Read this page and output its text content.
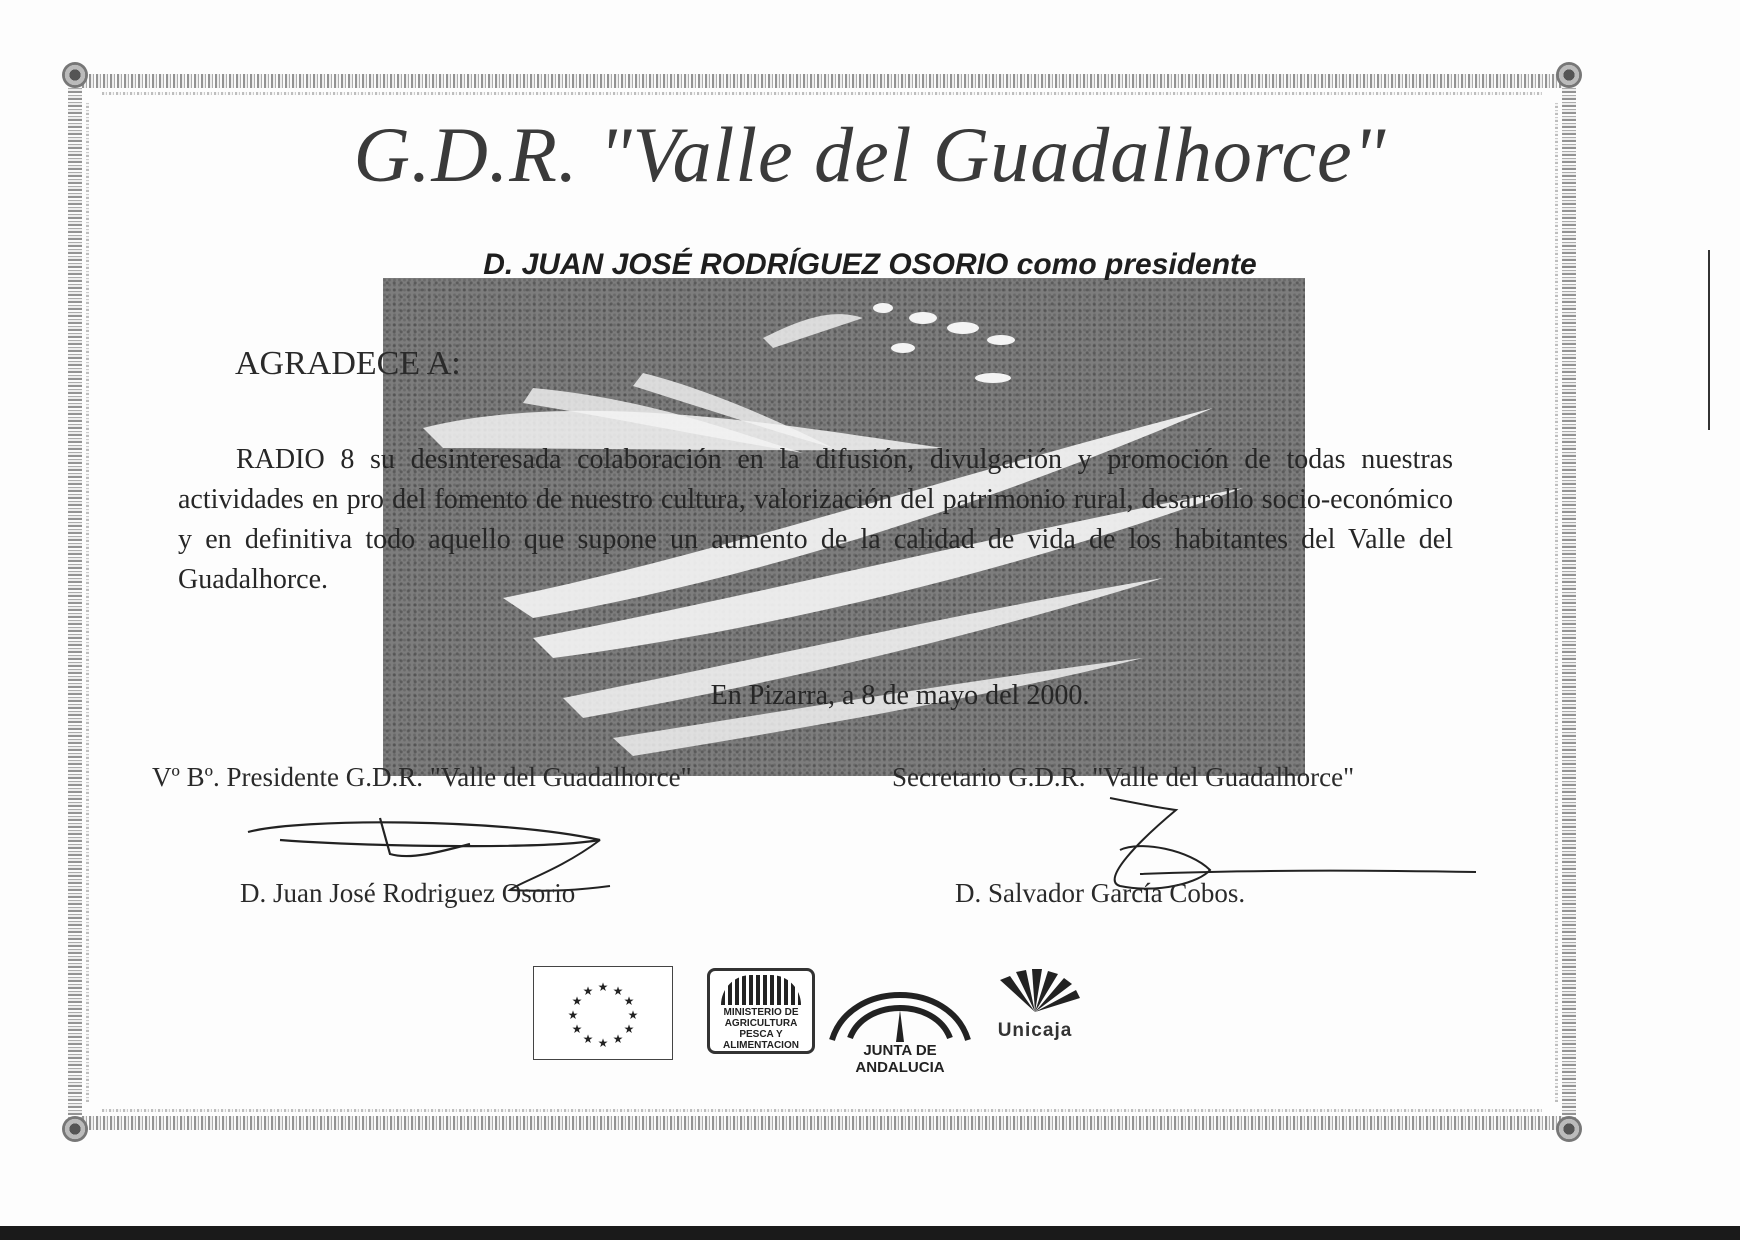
G.D.R. "Valle del Guadalhorce"
D. JUAN JOSÉ RODRÍGUEZ OSORIO como presidente
AGRADECE A:
RADIO 8 su desinteresada colaboración en la difusión, divulgación y promoción de todas nuestras actividades en pro del fomento de nuestro cultura, valorización del patrimonio rural, desarrollo socio-económico y en definitiva todo aquello que supone un aumento de la calidad de vida de los habitantes del Valle del Guadalhorce.
En Pizarra, a 8 de mayo del 2000.
Vº Bº. Presidente G.D.R. "Valle del Guadalhorce"	Secretario G.D.R. "Valle del Guadalhorce"
D. Juan José Rodriguez Osorio	D. Salvador García Cobos.
★ ★
★
★
★
★
★
★
★
★
★
★
MINISTERIO DE
AGRICULTURA
PESCA Y
ALIMENTACION	JUNTA DE ANDALUCIA
Unicaja
